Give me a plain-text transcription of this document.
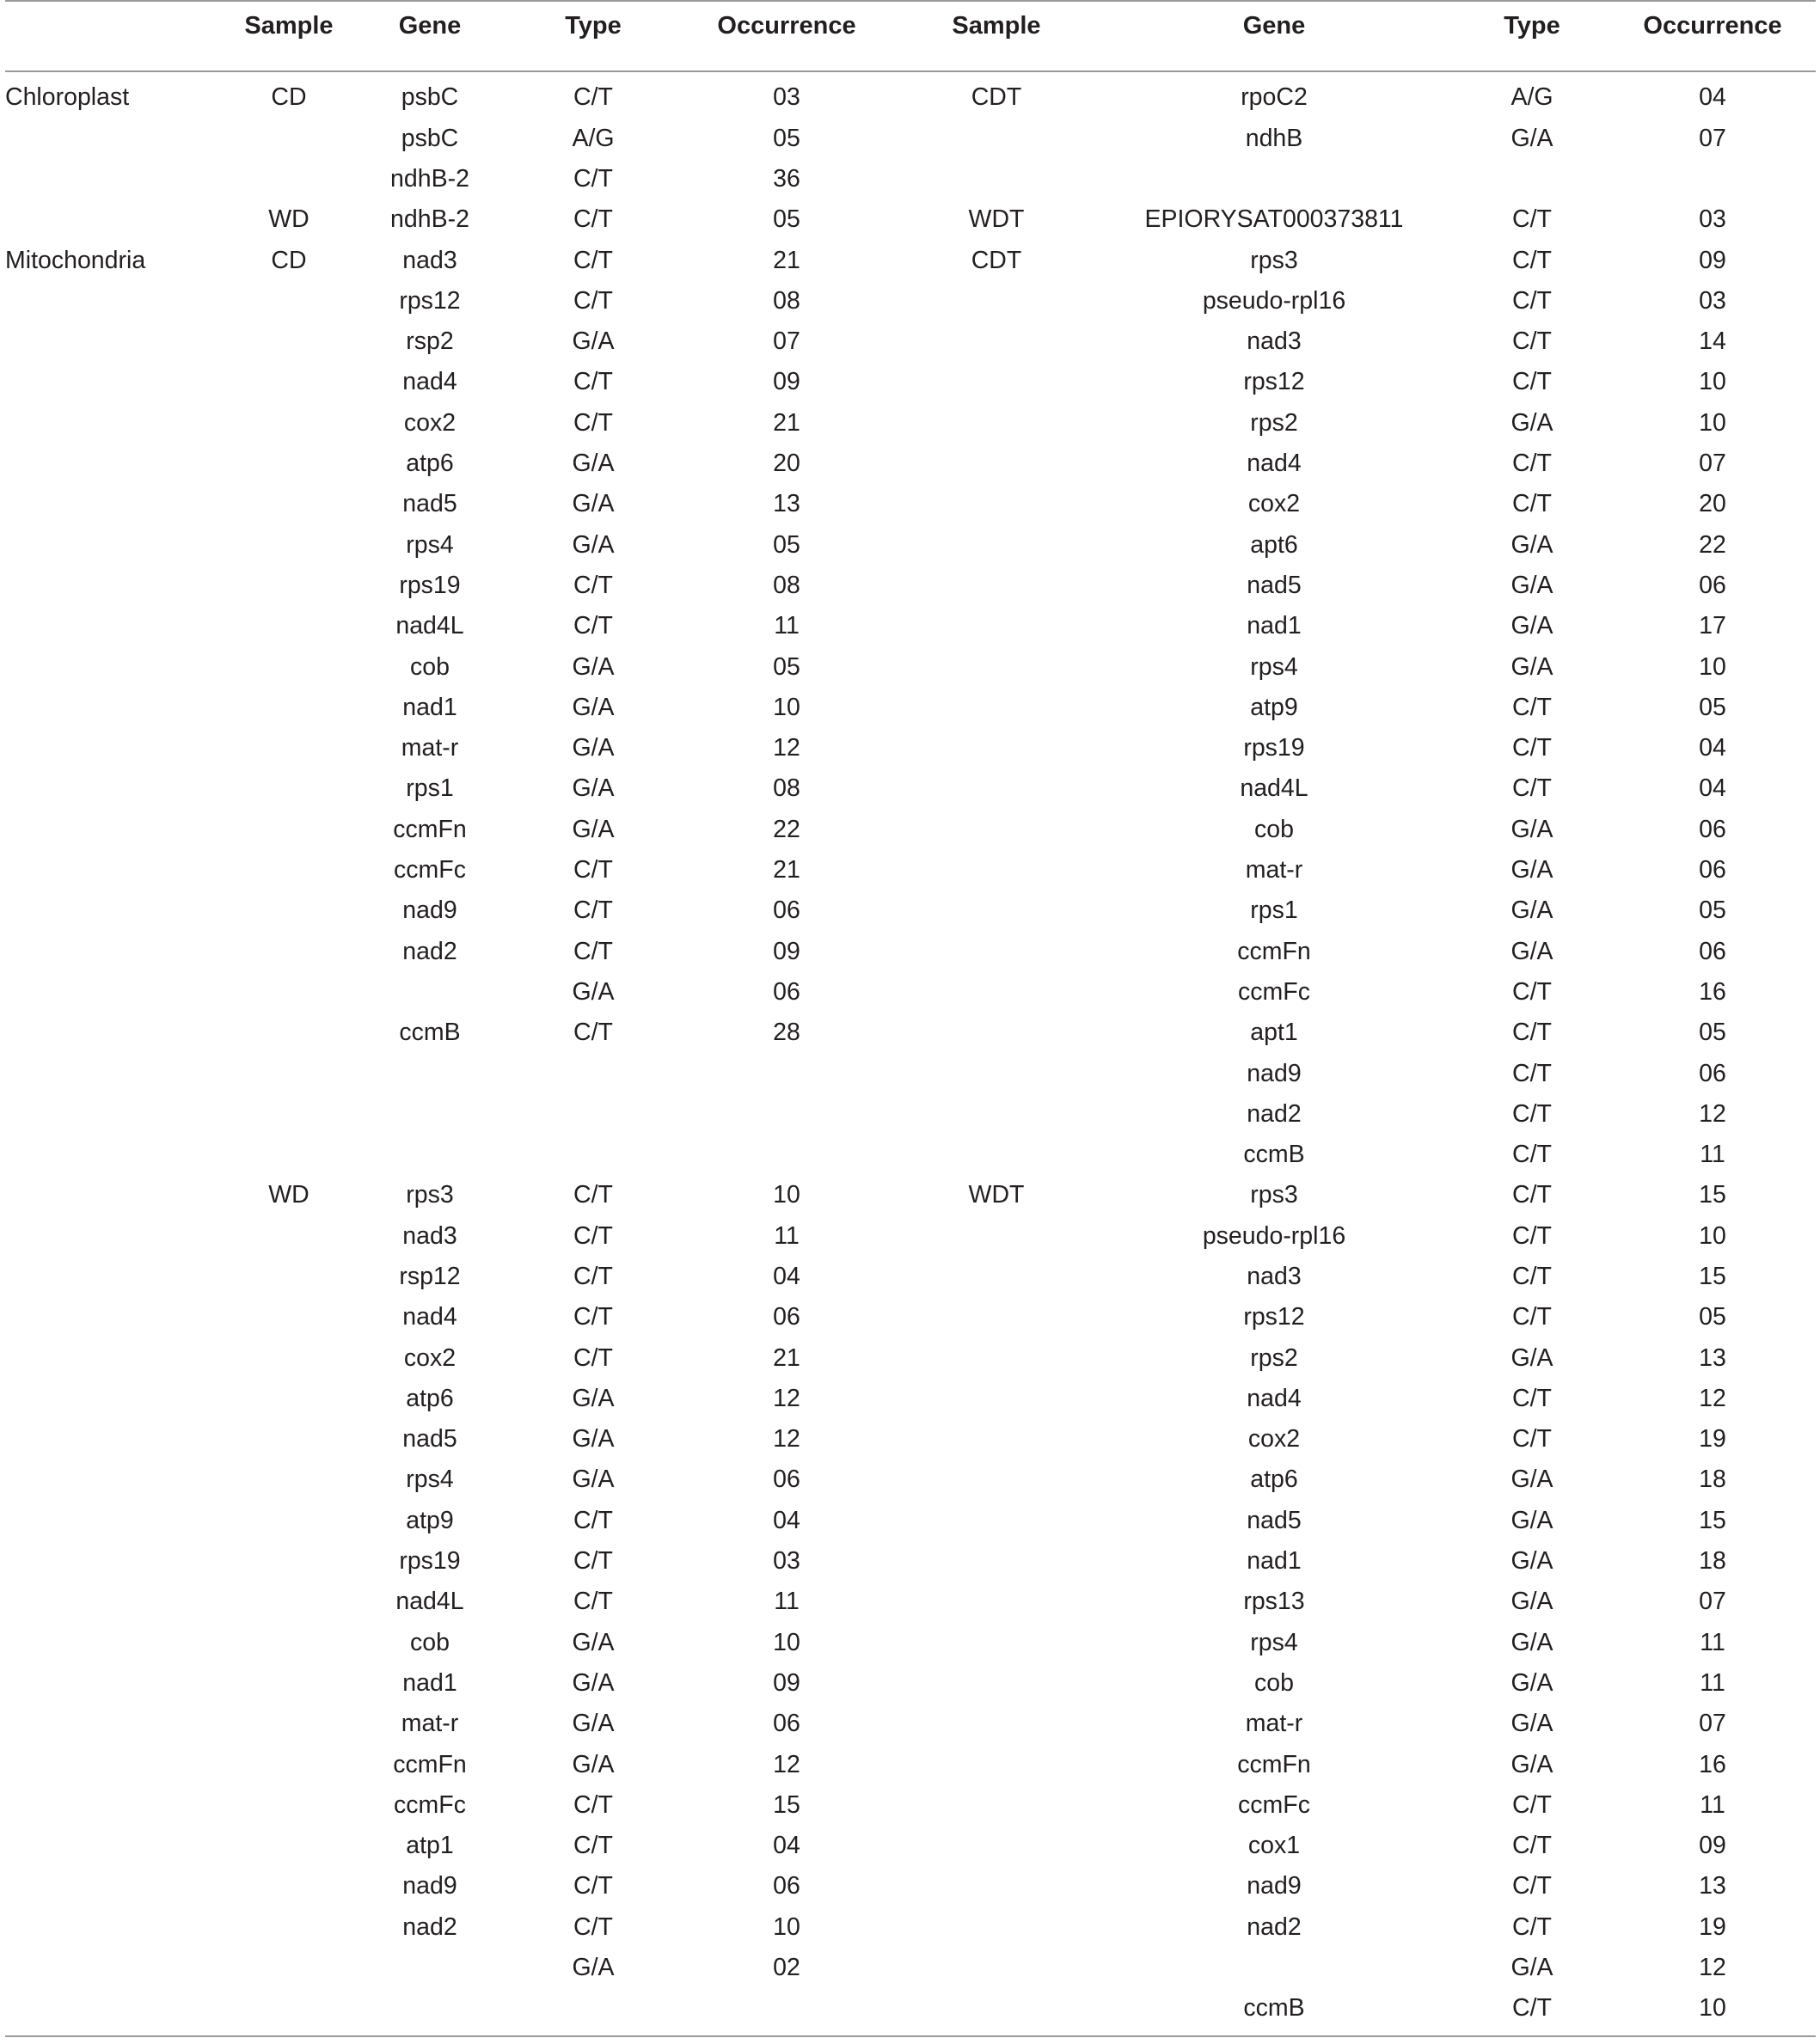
	Sample	Gene	Type	Occurrence	Sample	Gene	Type	Occurrence
Chloroplast	CD	psbC	C/T	03	CDT	rpoC2	A/G	04
		psbC	A/G	05		ndhB	G/A	07
		ndhB-2	C/T	36				
	WD	ndhB-2	C/T	05	WDT	EPIORYSAT000373811	C/T	03
Mitochondria	CD	nad3	C/T	21	CDT	rps3	C/T	09
		rps12	C/T	08		pseudo-rpl16	C/T	03
		rsp2	G/A	07		nad3	C/T	14
		nad4	C/T	09		rps12	C/T	10
		cox2	C/T	21		rps2	G/A	10
		atp6	G/A	20		nad4	C/T	07
		nad5	G/A	13		cox2	C/T	20
		rps4	G/A	05		apt6	G/A	22
		rps19	C/T	08		nad5	G/A	06
		nad4L	C/T	11		nad1	G/A	17
		cob	G/A	05		rps4	G/A	10
		nad1	G/A	10		atp9	C/T	05
		mat-r	G/A	12		rps19	C/T	04
		rps1	G/A	08		nad4L	C/T	04
		ccmFn	G/A	22		cob	G/A	06
		ccmFc	C/T	21		mat-r	G/A	06
		nad9	C/T	06		rps1	G/A	05
		nad2	C/T	09		ccmFn	G/A	06
			G/A	06		ccmFc	C/T	16
		ccmB	C/T	28		apt1	C/T	05
						nad9	C/T	06
						nad2	C/T	12
						ccmB	C/T	11
	WD	rps3	C/T	10	WDT	rps3	C/T	15
		nad3	C/T	11		pseudo-rpl16	C/T	10
		rsp12	C/T	04		nad3	C/T	15
		nad4	C/T	06		rps12	C/T	05
		cox2	C/T	21		rps2	G/A	13
		atp6	G/A	12		nad4	C/T	12
		nad5	G/A	12		cox2	C/T	19
		rps4	G/A	06		atp6	G/A	18
		atp9	C/T	04		nad5	G/A	15
		rps19	C/T	03		nad1	G/A	18
		nad4L	C/T	11		rps13	G/A	07
		cob	G/A	10		rps4	G/A	11
		nad1	G/A	09		cob	G/A	11
		mat-r	G/A	06		mat-r	G/A	07
		ccmFn	G/A	12		ccmFn	G/A	16
		ccmFc	C/T	15		ccmFc	C/T	11
		atp1	C/T	04		cox1	C/T	09
		nad9	C/T	06		nad9	C/T	13
		nad2	C/T	10		nad2	C/T	19
			G/A	02			G/A	12
						ccmB	C/T	10
